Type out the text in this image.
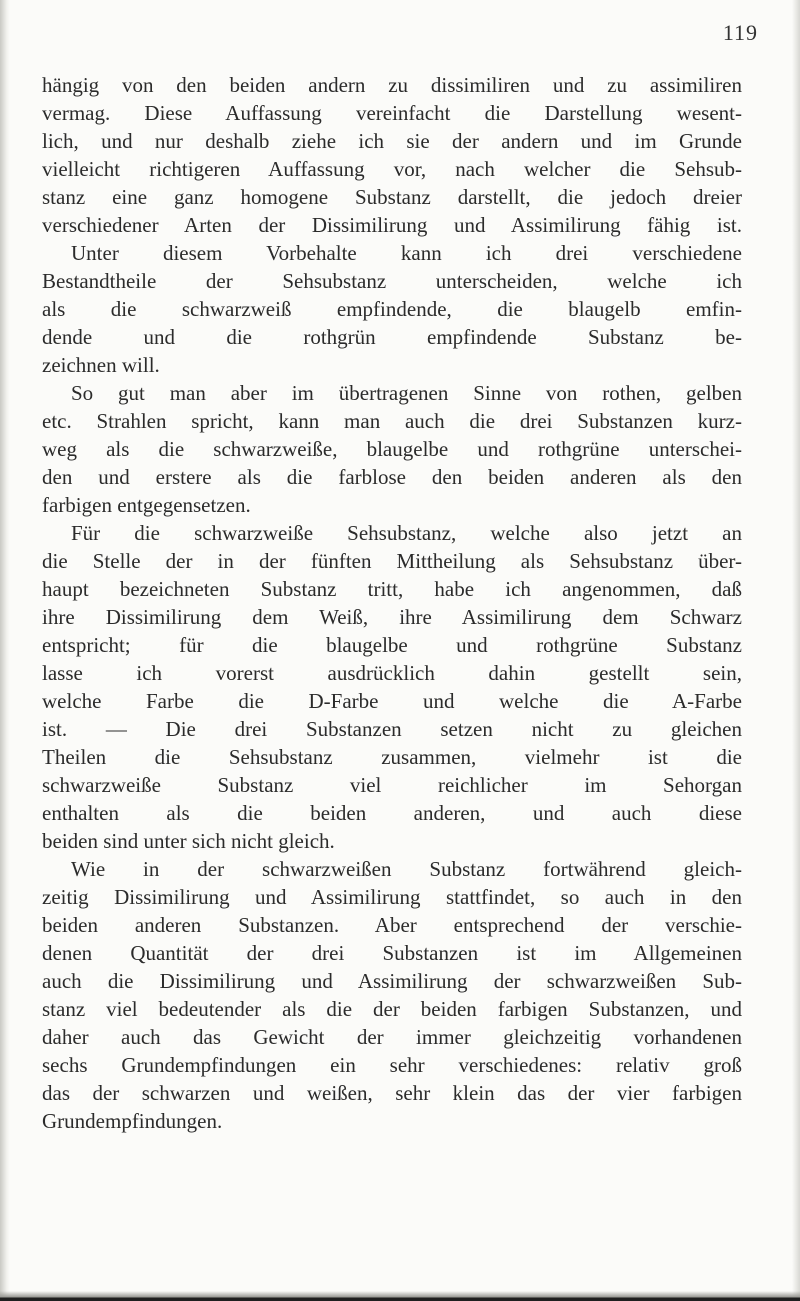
119
hängig von den beiden andern zu dissimiliren und zu assimiliren
vermag. Diese Auffassung vereinfacht die Darstellung wesent-
lich, und nur deshalb ziehe ich sie der andern und im Grunde
vielleicht richtigeren Auffassung vor, nach welcher die Sehsub-
stanz eine ganz homogene Substanz darstellt, die jedoch dreier
verschiedener Arten der Dissimilirung und Assimilirung fähig ist.
Unter diesem Vorbehalte kann ich drei verschiedene
Bestandtheile der Sehsubstanz unterscheiden, welche ich
als die schwarzweiß empfindende, die blaugelb emfin-
dende und die rothgrün empfindende Substanz be-
zeichnen will.
So gut man aber im übertragenen Sinne von rothen, gelben
etc. Strahlen spricht, kann man auch die drei Substanzen kurz-
weg als die schwarzweiße, blaugelbe und rothgrüne unterschei-
den und erstere als die farblose den beiden anderen als den
farbigen entgegensetzen.
Für die schwarzweiße Sehsubstanz, welche also jetzt an
die Stelle der in der fünften Mittheilung als Sehsubstanz über-
haupt bezeichneten Substanz tritt, habe ich angenommen, daß
ihre Dissimilirung dem Weiß, ihre Assimilirung dem Schwarz
entspricht; für die blaugelbe und rothgrüne Substanz
lasse ich vorerst ausdrücklich dahin gestellt sein,
welche Farbe die D-Farbe und welche die A-Farbe
ist. — Die drei Substanzen setzen nicht zu gleichen
Theilen die Sehsubstanz zusammen, vielmehr ist die
schwarzweiße Substanz viel reichlicher im Sehorgan
enthalten als die beiden anderen, und auch diese
beiden sind unter sich nicht gleich.
Wie in der schwarzweißen Substanz fortwährend gleich-
zeitig Dissimilirung und Assimilirung stattfindet, so auch in den
beiden anderen Substanzen. Aber entsprechend der verschie-
denen Quantität der drei Substanzen ist im Allgemeinen
auch die Dissimilirung und Assimilirung der schwarzweißen Sub-
stanz viel bedeutender als die der beiden farbigen Substanzen, und
daher auch das Gewicht der immer gleichzeitig vorhandenen
sechs Grundempfindungen ein sehr verschiedenes: relativ groß
das der schwarzen und weißen, sehr klein das der vier farbigen
Grundempfindungen.
